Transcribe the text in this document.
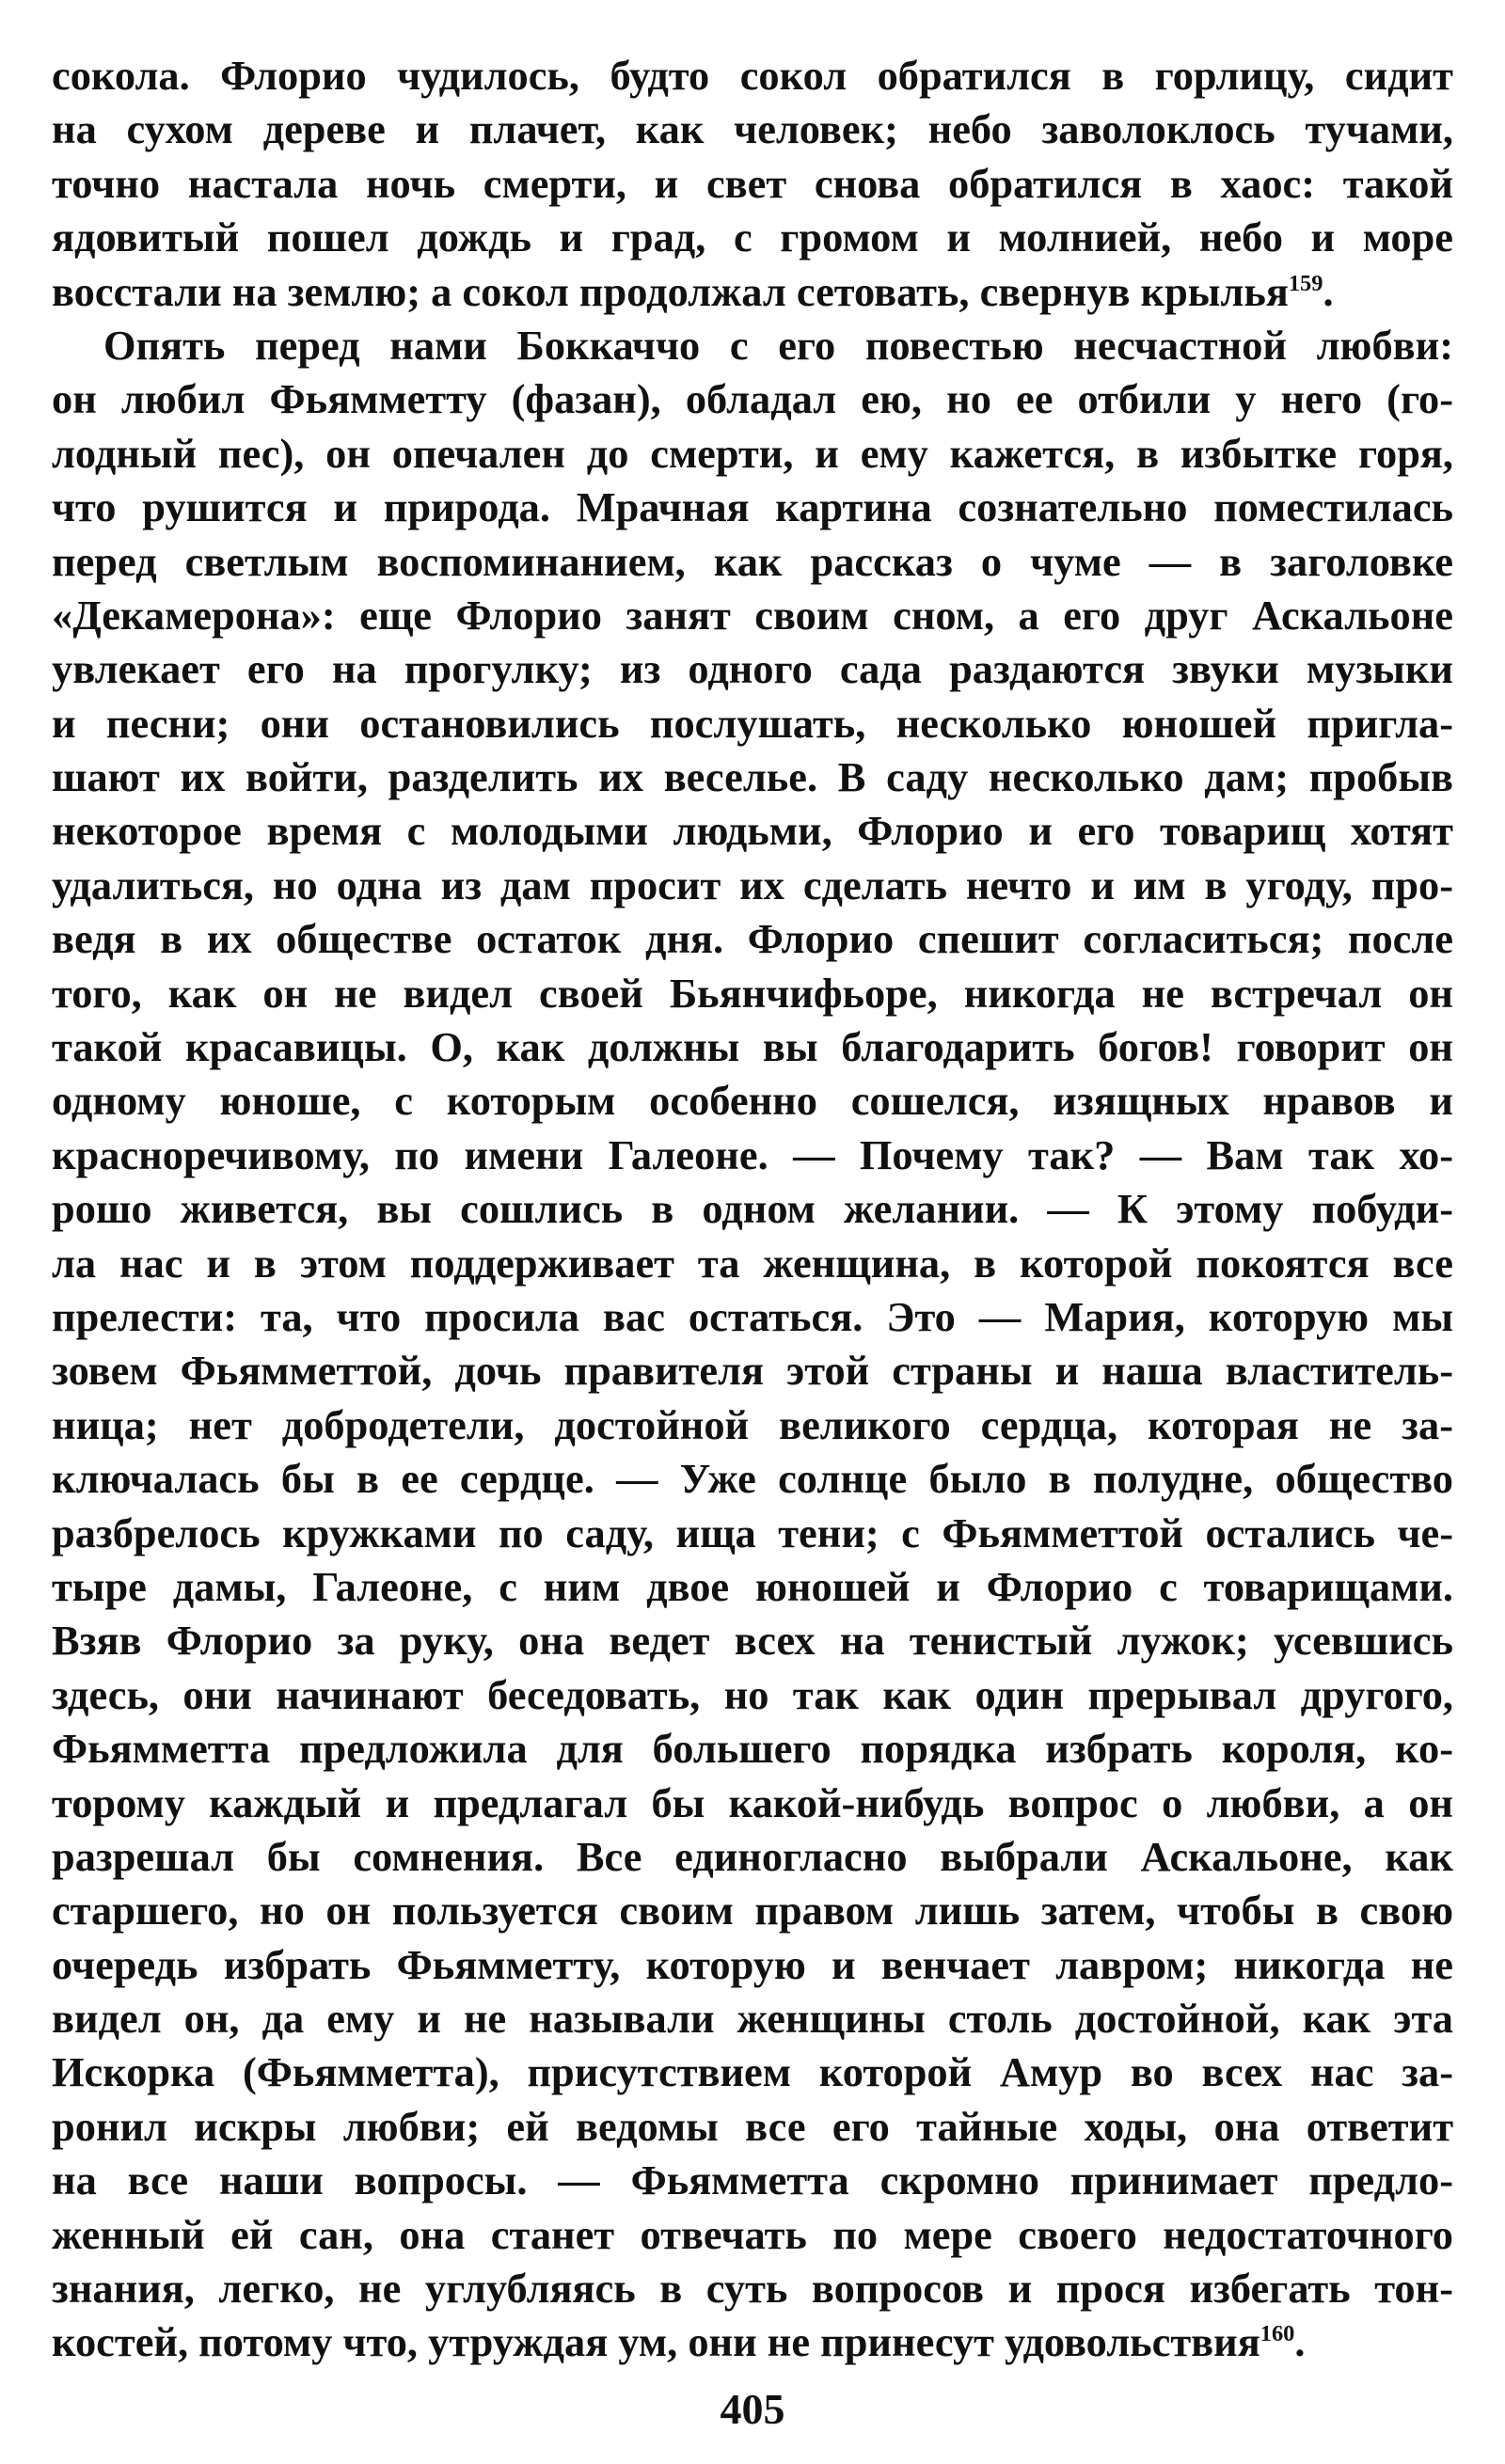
сокола. Флорио чудилось, будто сокол обратился в горлицу, сидит
на сухом дереве и плачет, как человек; небо заволоклось тучами,
точно настала ночь смерти, и свет снова обратился в хаос: такой
ядовитый пошел дождь и град, с громом и молнией, небо и море
восстали на землю; а сокол продолжал сетовать, свернув крылья$^{159}$.
Опять перед нами Боккаччо с его повестью несчастной любви:
он любил Фьямметту (фазан), обладал ею, но ее отбили у него (го-
лодный пес), он опечален до смерти, и ему кажется, в избытке горя,
что рушится и природа. Мрачная картина сознательно поместилась
перед светлым воспоминанием, как рассказ о чуме — в заголовке
«Декамерона»: еще Флорио занят своим сном, а его друг Аскальоне
увлекает его на прогулку; из одного сада раздаются звуки музыки
и песни; они остановились послушать, несколько юношей пригла-
шают их войти, разделить их веселье. В саду несколько дам; пробыв
некоторое время с молодыми людьми, Флорио и его товарищ хотят
удалиться, но одна из дам просит их сделать нечто и им в угоду, про-
ведя в их обществе остаток дня. Флорио спешит согласиться; после
того, как он не видел своей Бьянчифьоре, никогда не встречал он
такой красавицы. О, как должны вы благодарить богов! говорит он
одному юноше, с которым особенно сошелся, изящных нравов и
красноречивому, по имени Галеоне. — Почему так? — Вам так хо-
рошо живется, вы сошлись в одном желании. — К этому побуди-
ла нас и в этом поддерживает та женщина, в которой покоятся все
прелести: та, что просила вас остаться. Это — Мария, которую мы
зовем Фьямметтой, дочь правителя этой страны и наша властитель-
ница; нет добродетели, достойной великого сердца, которая не за-
ключалась бы в ее сердце. — Уже солнце было в полудне, общество
разбрелось кружками по саду, ища тени; с Фьямметтой остались че-
тыре дамы, Галеоне, с ним двое юношей и Флорио с товарищами.
Взяв Флорио за руку, она ведет всех на тенистый лужок; усевшись
здесь, они начинают беседовать, но так как один прерывал другого,
Фьямметта предложила для большего порядка избрать короля, ко-
торому каждый и предлагал бы какой-нибудь вопрос о любви, а он
разрешал бы сомнения. Все единогласно выбрали Аскальоне, как
старшего, но он пользуется своим правом лишь затем, чтобы в свою
очередь избрать Фьямметту, которую и венчает лавром; никогда не
видел он, да ему и не называли женщины столь достойной, как эта
Искорка (Фьямметта), присутствием которой Амур во всех нас за-
ронил искры любви; ей ведомы все его тайные ходы, она ответит
на все наши вопросы. — Фьямметта скромно принимает предло-
женный ей сан, она станет отвечать по мере своего недостаточного
знания, легко, не углубляясь в суть вопросов и прося избегать тон-
костей, потому что, утруждая ум, они не принесут удовольствия$^{160}$.
405
